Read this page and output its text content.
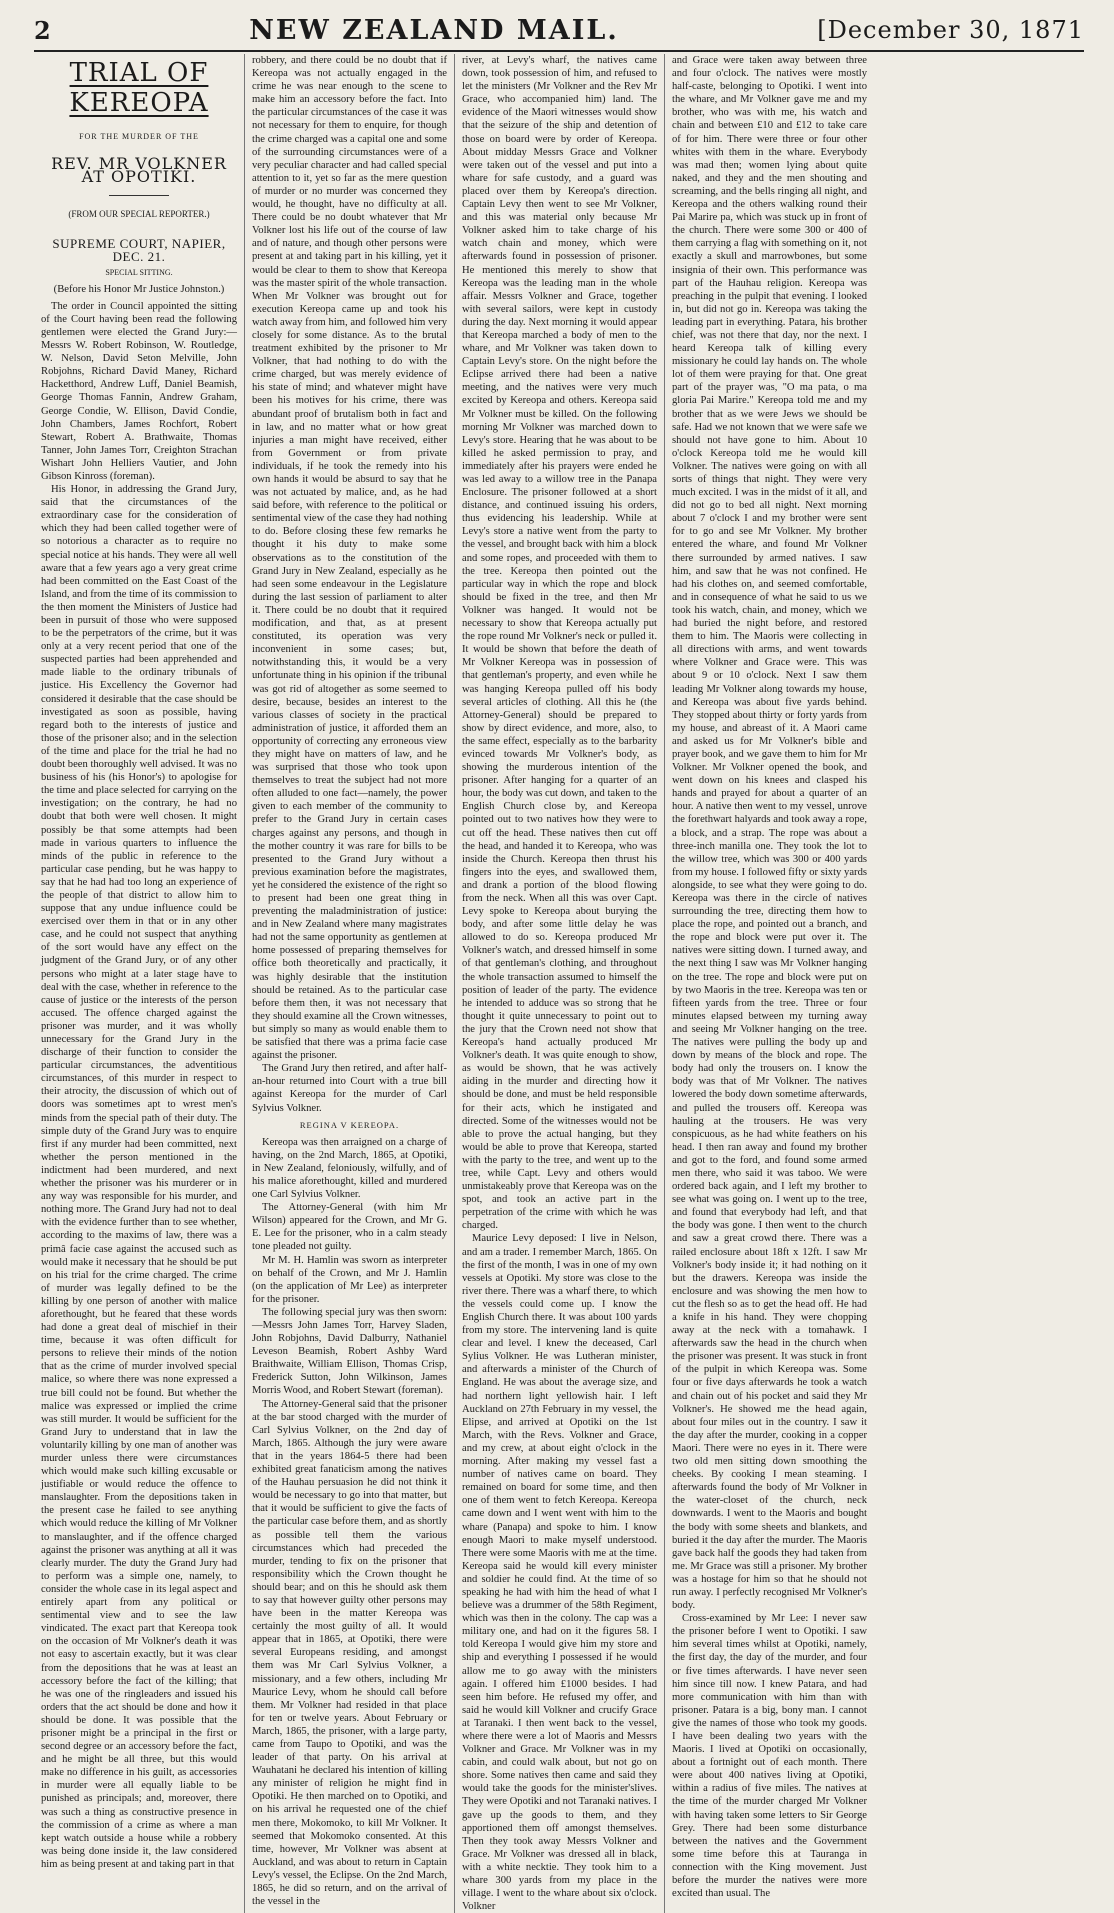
2	NEW ZEALAND MAIL.	[December 30, 1871
TRIAL OF KEREOPA
FOR THE MURDER OF THE
REV. MR VOLKNER AT OPOTIKI.
(FROM OUR SPECIAL REPORTER.)
SUPREME COURT, NAPIER, DEC. 21.
SPECIAL SITTING.
(Before his Honor Mr Justice Johnston.)

The order in Council appointed the sitting of the Court having been read the following gentlemen were elected the Grand Jury:— Messrs W. Robert Robinson, W. Routledge, W. Nelson, David Seton Melville, John Robjohns, Richard David Maney, Richard Hacketthord, Andrew Luff, Daniel Beamish, George Thomas Fannin, Andrew Graham, George Condie, W. Ellison, David Condie, John Chambers, James Rochfort, Robert Stewart, Robert A. Brathwaite, Thomas Tanner, John James Torr, Creighton Strachan Wishart John Helliers Vautier, and John Gibson Kinross (foreman).

His Honor, in addressing the Grand Jury, said that the circumstances of the extraordinary case for the consideration of which they had been called together were of so notorious a character as to require no special notice at his hands. They were all well aware that a few years ago a very great crime had been committed on the East Coast of the Island, and from the time of its commission to the then moment the Ministers of Justice had been in pursuit of those who were supposed to be the perpetrators of the crime, but it was only at a very recent period that one of the suspected parties had been apprehended and made liable to the ordinary tribunals of justice. His Excellency the Governor had considered it desirable that the case should be investigated as soon as possible, having regard both to the interests of justice and those of the prisoner also; and in the selection of the time and place for the trial he had no doubt been thoroughly well advised. It was no business of his (his Honor's) to apologise for the time and place selected for carrying on the investigation; on the contrary, he had no doubt that both were well chosen. It might possibly be that some attempts had been made in various quarters to influence the minds of the public in reference to the particular case pending, but he was happy to say that he had had too long an experience of the people of that district to allow him to suppose that any undue influence could be exercised over them in that or in any other case, and he could not suspect that anything of the sort would have any effect on the judgment of the Grand Jury, or of any other persons who might at a later stage have to deal with the case, whether in reference to the cause of justice or the interests of the person accused. The offence charged against the prisoner was murder, and it was wholly unnecessary for the Grand Jury in the discharge of their function to consider the particular circumstances, the adventitious circumstances, of this murder in respect to their atrocity, the discussion of which out of doors was sometimes apt to wrest men's minds from the special path of their duty. The simple duty of the Grand Jury was to enquire first if any murder had been committed, next whether the person mentioned in the indictment had been murdered, and next whether the prisoner was his murderer or in any way was responsible for his murder, and nothing more. The Grand Jury had not to deal with the evidence further than to see whether, according to the maxims of law, there was a primâ facie case against the accused such as would make it necessary that he should be put on his trial for the crime charged. The crime of murder was legally defined to be the killing by one person of another with malice aforethought, but he feared that these words had done a great deal of mischief in their time, because it was often difficult for persons to relieve their minds of the notion that as the crime of murder involved special malice, so where there was none expressed a true bill could not be found. But whether the malice was expressed or implied the crime was still murder. It would be sufficient for the Grand Jury to understand that in law the voluntarily killing by one man of another was murder unless there were circumstances which would make such killing excusable or justifiable or would reduce the offence to manslaughter. From the depositions taken in the present case he failed to see anything which would reduce the killing of Mr Volkner to manslaughter, and if the offence charged against the prisoner was anything at all it was clearly murder. The duty the Grand Jury had to perform was a simple one, namely, to consider the whole case in its legal aspect and entirely apart from any political or sentimental view and to see the law vindicated. The exact part that Kereopa took on the occasion of Mr Volkner's death it was not easy to ascertain exactly, but it was clear from the depositions that he was at least an accessory before the fact of the killing; that he was one of the ringleaders and issued his orders that the act should be done and how it should be done. It was possible that the prisoner might be a principal in the first or second degree or an accessory before the fact, and he might be all three, but this would make no difference in his guilt, as accessories in murder were all equally liable to be punished as principals; and, moreover, there was such a thing as constructive presence in the commission of a crime as where a man kept watch outside a house while a robbery was being done inside it, the law considered him as being present at and taking part in that

robbery, and there could be no doubt that if Kereopa was not actually engaged in the crime he was near enough to the scene to make him an accessory before the fact. Into the particular circumstances of the case it was not necessary for them to enquire, for though the crime charged was a capital one and some of the surrounding circumstances were of a very peculiar character and had called special attention to it, yet so far as the mere question of murder or no murder was concerned they would, he thought, have no difficulty at all. There could be no doubt whatever that Mr Volkner lost his life out of the course of law and of nature, and though other persons were present at and taking part in his killing, yet it would be clear to them to show that Kereopa was the master spirit of the whole transaction. When Mr Volkner was brought out for execution Kereopa came up and took his watch away from him, and followed him very closely for some distance. As to the brutal treatment exhibited by the prisoner to Mr Volkner, that had nothing to do with the crime charged, but was merely evidence of his state of mind; and whatever might have been his motives for his crime, there was abundant proof of brutalism both in fact and in law, and no matter what or how great injuries a man might have received, either from Government or from private individuals, if he took the remedy into his own hands it would be absurd to say that he was not actuated by malice, and, as he had said before, with reference to the political or sentimental view of the case they had nothing to do. Before closing these few remarks he thought it his duty to make some observations as to the constitution of the Grand Jury in New Zealand, especially as he had seen some endeavour in the Legislature during the last session of parliament to alter it. There could be no doubt that it required modification, and that, as at present constituted, its operation was very inconvenient in some cases; but, notwithstanding this, it would be a very unfortunate thing in his opinion if the tribunal was got rid of altogether as some seemed to desire, because, besides an interest to the various classes of society in the practical administration of justice, it afforded them an opportunity of correcting any erroneous view they might have on matters of law, and he was surprised that those who took upon themselves to treat the subject had not more often alluded to one fact—namely, the power given to each member of the community to prefer to the Grand Jury in certain cases charges against any persons, and though in the mother country it was rare for bills to be presented to the Grand Jury without a previous examination before the magistrates, yet he considered the existence of the right so to present had been one great thing in preventing the maladministration of justice: and in New Zealand where many magistrates had not the same opportunity as gentlemen at home possessed of preparing themselves for office both theoretically and practically, it was highly desirable that the institution should be retained. As to the particular case before them then, it was not necessary that they should examine all the Crown witnesses, but simply so many as would enable them to be satisfied that there was a prima facie case against the prisoner.

The Grand Jury then retired, and after half-an-hour returned into Court with a true bill against Kereopa for the murder of Carl Sylvius Volkner.

REGINA V KEREOPA.

Kereopa was then arraigned on a charge of having, on the 2nd March, 1865, at Opotiki, in New Zealand, feloniously, wilfully, and of his malice aforethought, killed and murdered one Carl Sylvius Volkner.

The Attorney-General (with him Mr Wilson) appeared for the Crown, and Mr G. E. Lee for the prisoner, who in a calm steady tone pleaded not guilty.

Mr M. H. Hamlin was sworn as interpreter on behalf of the Crown, and Mr J. Hamlin (on the application of Mr Lee) as interpreter for the prisoner.

The following special jury was then sworn:—Messrs John James Torr, Harvey Sladen, John Robjohns, David Dalburry, Nathaniel Leveson Beamish, Robert Ashby Ward Braithwaite, William Ellison, Thomas Crisp, Frederick Sutton, John Wilkinson, James Morris Wood, and Robert Stewart (foreman).

The Attorney-General said that the prisoner at the bar stood charged with the murder of Carl Sylvius Volkner, on the 2nd day of March, 1865. Although the jury were aware that in the years 1864-5 there had been exhibited great fanaticism among the natives of the Hauhau persuasion he did not think it would be necessary to go into that matter, but that it would be sufficient to give the facts of the particular case before them, and as shortly as possible tell them the various circumstances which had preceded the murder, tending to fix on the prisoner that responsibility which the Crown thought he should bear; and on this he should ask them to say that however guilty other persons may have been in the matter Kereopa was certainly the most guilty of all. It would appear that in 1865, at Opotiki, there were several Europeans residing, and amongst them was Mr Carl Sylvius Volkner, a missionary, and a few others, including Mr Maurice Levy, whom he should call before them. Mr Volkner had resided in that place for ten or twelve years. About February or March, 1865, the prisoner, with a large party, came from Taupo to Opotiki, and was the leader of that party. On his arrival at Wauhatani he declared his intention of killing any minister of religion he might find in Opotiki. He then marched on to Opotiki, and on his arrival he requested one of the chief men there, Mokomoko, to kill Mr Volkner. It seemed that Mokomoko consented. At this time, however, Mr Volkner was absent at Auckland, and was about to return in Captain Levy's vessel, the Eclipse. On the 2nd March, 1865, he did so return, and on the arrival of the vessel in the

river, at Levy's wharf, the natives came down, took possession of him, and refused to let the ministers (Mr Volkner and the Rev Mr Grace, who accompanied him) land. The evidence of the Maori witnesses would show that the seizure of the ship and detention of those on board were by order of Kereopa. About midday Messrs Grace and Volkner were taken out of the vessel and put into a whare for safe custody, and a guard was placed over them by Kereopa's direction. Captain Levy then went to see Mr Volkner, and this was material only because Mr Volkner asked him to take charge of his watch chain and money, which were afterwards found in possession of prisoner. He mentioned this merely to show that Kereopa was the leading man in the whole affair. Messrs Volkner and Grace, together with several sailors, were kept in custody during the day. Next morning it would appear that Kereopa marched a body of men to the whare, and Mr Volkner was taken down to Captain Levy's store. On the night before the Eclipse arrived there had been a native meeting, and the natives were very much excited by Kereopa and others. Kereopa said Mr Volkner must be killed. On the following morning Mr Volkner was marched down to Levy's store. Hearing that he was about to be killed he asked permission to pray, and immediately after his prayers were ended he was led away to a willow tree in the Panapa Enclosure. The prisoner followed at a short distance, and continued issuing his orders, thus evidencing his leadership. While at Levy's store a native went from the party to the vessel, and brought back with him a block and some ropes, and proceeded with them to the tree. Kereopa then pointed out the particular way in which the rope and block should be fixed in the tree, and then Mr Volkner was hanged. It would not be necessary to show that Kereopa actually put the rope round Mr Volkner's neck or pulled it. It would be shown that before the death of Mr Volkner Kereopa was in possession of that gentleman's property, and even while he was hanging Kereopa pulled off his body several articles of clothing. All this he (the Attorney-General) should be prepared to show by direct evidence, and more, also, to the same effect, especially as to the barbarity evinced towards Mr Volkner's body, as showing the murderous intention of the prisoner. After hanging for a quarter of an hour, the body was cut down, and taken to the English Church close by, and Kereopa pointed out to two natives how they were to cut off the head. These natives then cut off the head, and handed it to Kereopa, who was inside the Church. Kereopa then thrust his fingers into the eyes, and swallowed them, and drank a portion of the blood flowing from the neck. When all this was over Capt. Levy spoke to Kereopa about burying the body, and after some little delay he was allowed to do so. Kereopa produced Mr Volkner's watch, and dressed himself in some of that gentleman's clothing, and throughout the whole transaction assumed to himself the position of leader of the party. The evidence he intended to adduce was so strong that he thought it quite unnecessary to point out to the jury that the Crown need not show that Kereopa's hand actually produced Mr Volkner's death. It was quite enough to show, as would be shown, that he was actively aiding in the murder and directing how it should be done, and must be held responsible for their acts, which he instigated and directed. Some of the witnesses would not be able to prove the actual hanging, but they would be able to prove that Kereopa, started with the party to the tree, and went up to the tree, while Capt. Levy and others would unmistakeably prove that Kereopa was on the spot, and took an active part in the perpetration of the crime with which he was charged.

Maurice Levy deposed: I live in Nelson, and am a trader. I remember March, 1865. On the first of the month, I was in one of my own vessels at Opotiki. My store was close to the river there. There was a wharf there, to which the vessels could come up. I know the English Church there. It was about 100 yards from my store. The intervening land is quite clear and level. I knew the deceased, Carl Sylius Volkner. He was Lutheran minister, and afterwards a minister of the Church of England. He was about the average size, and had northern light yellowish hair. I left Auckland on 27th February in my vessel, the Elipse, and arrived at Opotiki on the 1st March, with the Revs. Volkner and Grace, and my crew, at about eight o'clock in the morning. After making my vessel fast a number of natives came on board. They remained on board for some time, and then one of them went to fetch Kereopa. Kereopa came down and I went went with him to the whare (Panapa) and spoke to him. I know enough Maori to make myself understood. There were some Maoris with me at the time. Kereopa said he would kill every minister and soldier he could find. At the time of so speaking he had with him the head of what I believe was a drummer of the 58th Regiment, which was then in the colony. The cap was a military one, and had on it the figures 58. I told Kereopa I would give him my store and ship and everything I possessed if he would allow me to go away with the ministers again. I offered him £1000 besides. I had seen him before. He refused my offer, and said he would kill Volkner and crucify Grace at Taranaki. I then went back to the vessel, where there were a lot of Maoris and Messrs Volkner and Grace. Mr Volkner was in my cabin, and could walk about, but not go on shore. Some natives then came and said they would take the goods for the minister'slives. They were Opotiki and not Taranaki natives. I gave up the goods to them, and they apportioned them off amongst themselves. Then they took away Messrs Volkner and Grace. Mr Volkner was dressed all in black, with a white necktie. They took him to a whare 300 yards from my place in the village. I went to the whare about six o'clock. Volkner

and Grace were taken away between three and four o'clock. The natives were mostly half-caste, belonging to Opotiki. I went into the whare, and Mr Volkner gave me and my brother, who was with me, his watch and chain and between £10 and £12 to take care of for him. There were three or four other whites with them in the whare. Everybody was mad then; women lying about quite naked, and they and the men shouting and screaming, and the bells ringing all night, and Kereopa and the others walking round their Pai Marire pa, which was stuck up in front of the church. There were some 300 or 400 of them carrying a flag with something on it, not exactly a skull and marrowbones, but some insignia of their own. This performance was part of the Hauhau religion. Kereopa was preaching in the pulpit that evening. I looked in, but did not go in. Kereopa was taking the leading part in everything. Patara, his brother chief, was not there that day, nor the next. I heard Kereopa talk of killing every missionary he could lay hands on. The whole lot of them were praying for that. One great part of the prayer was, "O ma pata, o ma gloria Pai Marire." Kereopa told me and my brother that as we were Jews we should be safe. Had we not known that we were safe we should not have gone to him. About 10 o'clock Kereopa told me he would kill Volkner. The natives were going on with all sorts of things that night. They were very much excited. I was in the midst of it all, and did not go to bed all night. Next morning about 7 o'clock I and my brother were sent for to go and see Mr Volkner. My brother entered the whare, and found Mr Volkner there surrounded by armed natives. I saw him, and saw that he was not confined. He had his clothes on, and seemed comfortable, and in consequence of what he said to us we took his watch, chain, and money, which we had buried the night before, and restored them to him. The Maoris were collecting in all directions with arms, and went towards where Volkner and Grace were. This was about 9 or 10 o'clock. Next I saw them leading Mr Volkner along towards my house, and Kereopa was about five yards behind. They stopped about thirty or forty yards from my house, and abreast of it. A Maori came and asked us for Mr Volkner's bible and prayer book, and we gave them to him for Mr Volkner. Mr Volkner opened the book, and went down on his knees and clasped his hands and prayed for about a quarter of an hour. A native then went to my vessel, unrove the forethwart halyards and took away a rope, a block, and a strap. The rope was about a three-inch manilla one. They took the lot to the willow tree, which was 300 or 400 yards from my house. I followed fifty or sixty yards alongside, to see what they were going to do. Kereopa was there in the circle of natives surrounding the tree, directing them how to place the rope, and pointed out a branch, and the rope and block were put over it. The natives were sitting down. I turned away, and the next thing I saw was Mr Volkner hanging on the tree. The rope and block were put on by two Maoris in the tree. Kereopa was ten or fifteen yards from the tree. Three or four minutes elapsed between my turning away and seeing Mr Volkner hanging on the tree. The natives were pulling the body up and down by means of the block and rope. The body had only the trousers on. I know the body was that of Mr Volkner. The natives lowered the body down sometime afterwards, and pulled the trousers off. Kereopa was hauling at the trousers. He was very conspicuous, as he had white feathers on his head. I then ran away and found my brother and got to the ford, and found some armed men there, who said it was taboo. We were ordered back again, and I left my brother to see what was going on. I went up to the tree, and found that everybody had left, and that the body was gone. I then went to the church and saw a great crowd there. There was a railed enclosure about 18ft x 12ft. I saw Mr Volkner's body inside it; it had nothing on it but the drawers. Kereopa was inside the enclosure and was showing the men how to cut the flesh so as to get the head off. He had a knife in his hand. They were chopping away at the neck with a tomahawk. I afterwards saw the head in the church when the prisoner was present. It was stuck in front of the pulpit in which Kereopa was. Some four or five days afterwards he took a watch and chain out of his pocket and said they Mr Volkner's. He showed me the head again, about four miles out in the country. I saw it the day after the murder, cooking in a copper Maori. There were no eyes in it. There were two old men sitting down smoothing the cheeks. By cooking I mean steaming. I afterwards found the body of Mr Volkner in the water-closet of the church, neck downwards. I went to the Maoris and bought the body with some sheets and blankets, and buried it the day after the murder. The Maoris gave back half the goods they had taken from me. Mr Grace was still a prisoner. My brother was a hostage for him so that he should not run away. I perfectly recognised Mr Volkner's body.

Cross-examined by Mr Lee: I never saw the prisoner before I went to Opotiki. I saw him several times whilst at Opotiki, namely, the first day, the day of the murder, and four or five times afterwards. I have never seen him since till now. I knew Patara, and had more communication with him than with prisoner. Patara is a big, bony man. I cannot give the names of those who took my goods. I have been dealing two years with the Maoris. I lived at Opotiki on occasionally, about a fortnight out of each month. There were about 400 natives living at Opotiki, within a radius of five miles. The natives at the time of the murder charged Mr Volkner with having taken some letters to Sir George Grey. There had been some disturbance between the natives and the Government some time before this at Tauranga in connection with the King movement. Just before the murder the natives were more excited than usual. The
